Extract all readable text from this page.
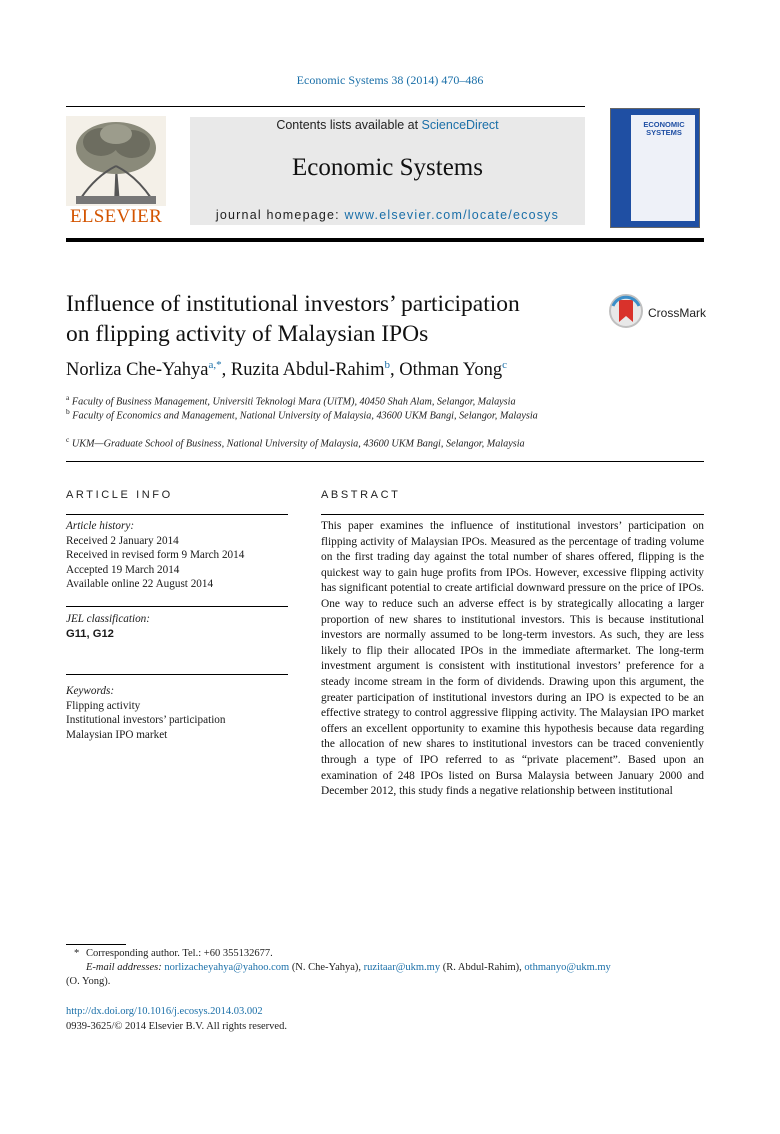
Economic Systems 38 (2014) 470–486
ELSEVIER
Contents lists available at ScienceDirect
Economic Systems
journal homepage: www.elsevier.com/locate/ecosys
ECONOMIC SYSTEMS
Influence of institutional investors’ participation
on flipping activity of Malaysian IPOs
CrossMark
Norliza Che-Yahya$^{a,*}$, Ruzita Abdul-Rahim$^b$, Othman Yong$^c$
$^a$ Faculty of Business Management, Universiti Teknologi Mara (UiTM), 40450 Shah Alam, Selangor, Malaysia
$^b$ Faculty of Economics and Management, National University of Malaysia, 43600 UKM Bangi, Selangor, Malaysia
$^c$ UKM—Graduate School of Business, National University of Malaysia, 43600 UKM Bangi, Selangor, Malaysia
ARTICLE INFO
Article history:
Received 2 January 2014
Received in revised form 9 March 2014
Accepted 19 March 2014
Available online 22 August 2014
JEL classification:
G11, G12
Keywords:
Flipping activity
Institutional investors’ participation
Malaysian IPO market
ABSTRACT
This paper examines the influence of institutional investors’ participation on flipping activity of Malaysian IPOs. Measured as the percentage of trading volume on the first trading day against the total number of shares offered, flipping is the quickest way to gain huge profits from IPOs. However, excessive flipping activity has significant potential to create artificial downward pressure on the price of IPOs. One way to reduce such an adverse effect is by strategically allocating a larger proportion of new shares to institutional investors. This is because institutional investors are normally assumed to be long-term investors. As such, they are less likely to flip their allocated IPOs in the immediate aftermarket. The long-term investment argument is consistent with institutional investors’ preference for a steady income stream in the form of dividends. Drawing upon this argument, the greater participation of institutional investors during an IPO is expected to be an effective strategy to control aggressive flipping activity. The Malaysian IPO market offers an excellent opportunity to examine this hypothesis because data regarding the allocation of new shares to institutional investors can be traced conveniently through a type of IPO referred to as “private placement”. Based upon an examination of 248 IPOs listed on Bursa Malaysia between January 2000 and December 2012, this study finds a negative relationship between institutional
* Corresponding author. Tel.: +60 355132677.
E-mail addresses: norlizacheyahya@yahoo.com (N. Che-Yahya), ruzitaar@ukm.my (R. Abdul-Rahim), othmanyo@ukm.my
(O. Yong).
http://dx.doi.org/10.1016/j.ecosys.2014.03.002
0939-3625/© 2014 Elsevier B.V. All rights reserved.
